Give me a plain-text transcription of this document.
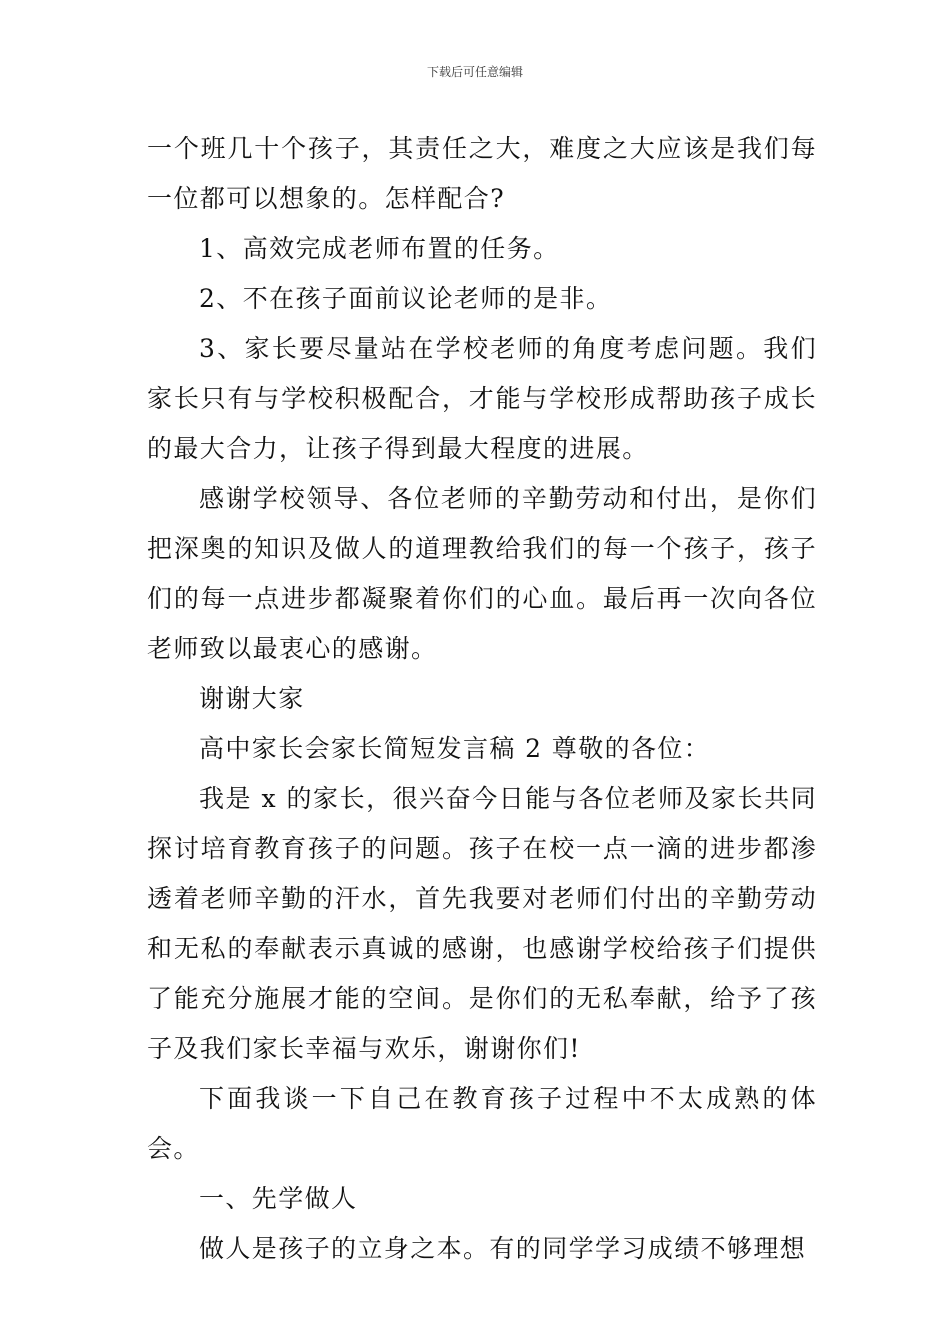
下载后可任意编辑

一个班几十个孩子，其责任之大，难度之大应该是我们每一位都可以想象的。怎样配合?

1、高效完成老师布置的任务。

2、不在孩子面前议论老师的是非。

3、家长要尽量站在学校老师的角度考虑问题。我们家长只有与学校积极配合，才能与学校形成帮助孩子成长的最大合力，让孩子得到最大程度的进展。

感谢学校领导、各位老师的辛勤劳动和付出，是你们把深奥的知识及做人的道理教给我们的每一个孩子，孩子们的每一点进步都凝聚着你们的心血。最后再一次向各位老师致以最衷心的感谢。

谢谢大家

高中家长会家长简短发言稿 2 尊敬的各位：

我是 x 的家长，很兴奋今日能与各位老师及家长共同探讨培育教育孩子的问题。孩子在校一点一滴的进步都渗透着老师辛勤的汗水，首先我要对老师们付出的辛勤劳动和无私的奉献表示真诚的感谢，也感谢学校给孩子们提供了能充分施展才能的空间。是你们的无私奉献，给予了孩子及我们家长幸福与欢乐，谢谢你们!

下面我谈一下自己在教育孩子过程中不太成熟的体会。

一、先学做人

做人是孩子的立身之本。有的同学学习成绩不够理想
